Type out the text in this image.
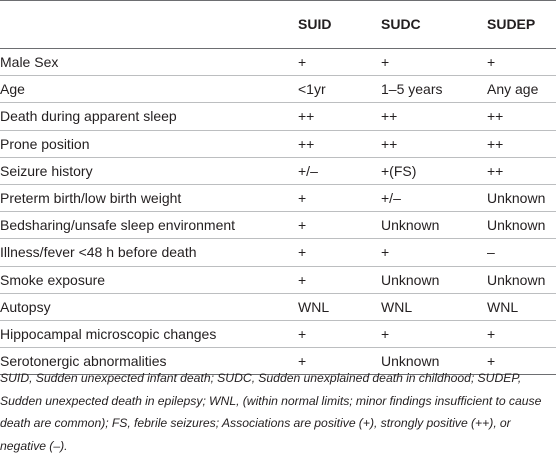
	SUID	SUDC	SUDEP
Male Sex	+	+	+
Age	<1yr	1–5 years	Any age
Death during apparent sleep	++	++	++
Prone position	++	++	++
Seizure history	+/–	+(FS)	++
Preterm birth/low birth weight	+	+/–	Unknown
Bedsharing/unsafe sleep environment	+	Unknown	Unknown
Illness/fever <48 h before death	+	+	–
Smoke exposure	+	Unknown	Unknown
Autopsy	WNL	WNL	WNL
Hippocampal microscopic changes	+	+	+
Serotonergic abnormalities	+	Unknown	+
SUID, Sudden unexpected infant death; SUDC, Sudden unexplained death in childhood; SUDEP, Sudden unexpected death in epilepsy; WNL, (within normal limits; minor findings insufficient to cause death are common); FS, febrile seizures; Associations are positive (+), strongly positive (++), or negative (–).
